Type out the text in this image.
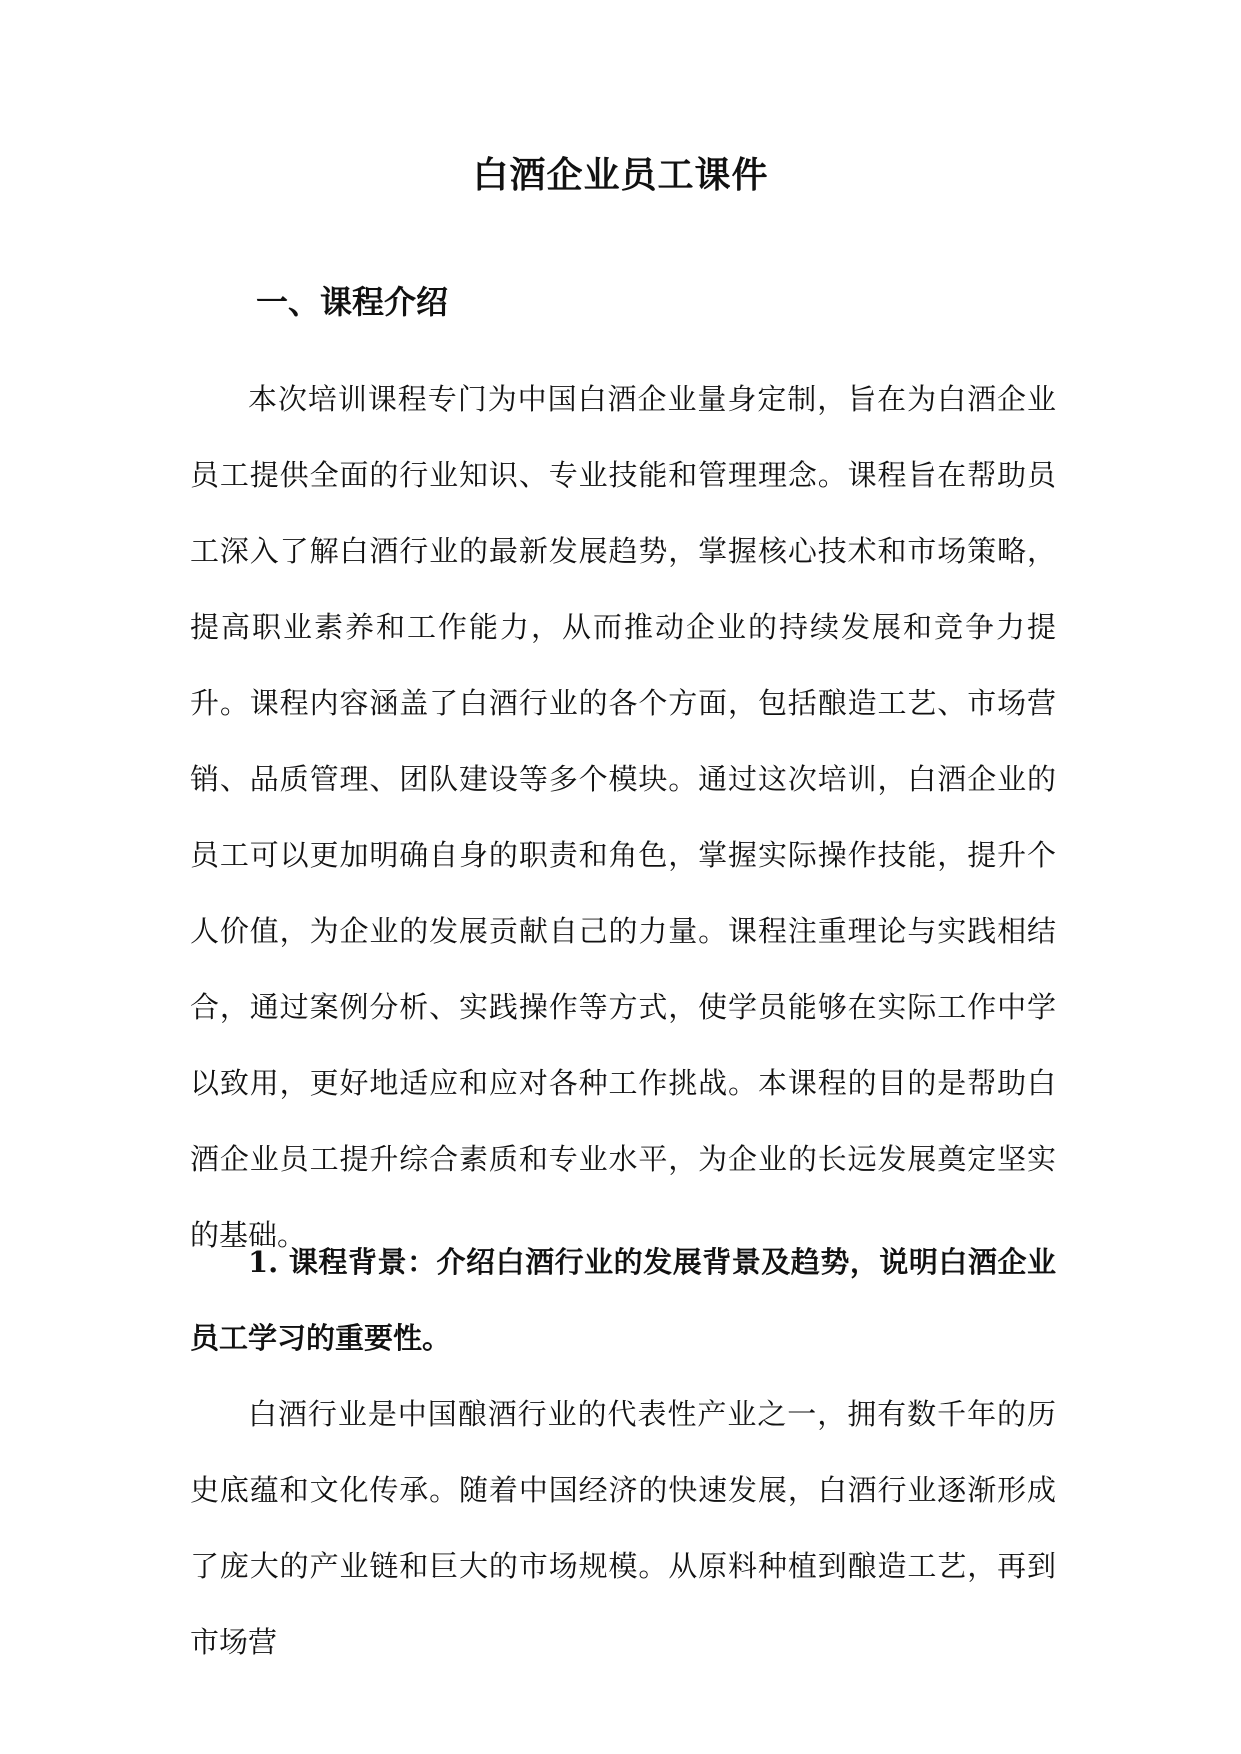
白酒企业员工课件
一、课程介绍

本次培训课程专门为中国白酒企业量身定制，旨在为白酒企业员工提供全面的行业知识、专业技能和管理理念。课程旨在帮助员工深入了解白酒行业的最新发展趋势，掌握核心技术和市场策略，提高职业素养和工作能力，从而推动企业的持续发展和竞争力提升。课程内容涵盖了白酒行业的各个方面，包括酿造工艺、市场营销、品质管理、团队建设等多个模块。通过这次培训，白酒企业的员工可以更加明确自身的职责和角色，掌握实际操作技能，提升个人价值，为企业的发展贡献自己的力量。课程注重理论与实践相结合，通过案例分析、实践操作等方式，使学员能够在实际工作中学以致用，更好地适应和应对各种工作挑战。本课程的目的是帮助白酒企业员工提升综合素质和专业水平，为企业的长远发展奠定坚实的基础。

1. 课程背景：介绍白酒行业的发展背景及趋势，说明白酒企业员工学习的重要性。

白酒行业是中国酿酒行业的代表性产业之一，拥有数千年的历史底蕴和文化传承。随着中国经济的快速发展，白酒行业逐渐形成了庞大的产业链和巨大的市场规模。从原料种植到酿造工艺，再到市场营
